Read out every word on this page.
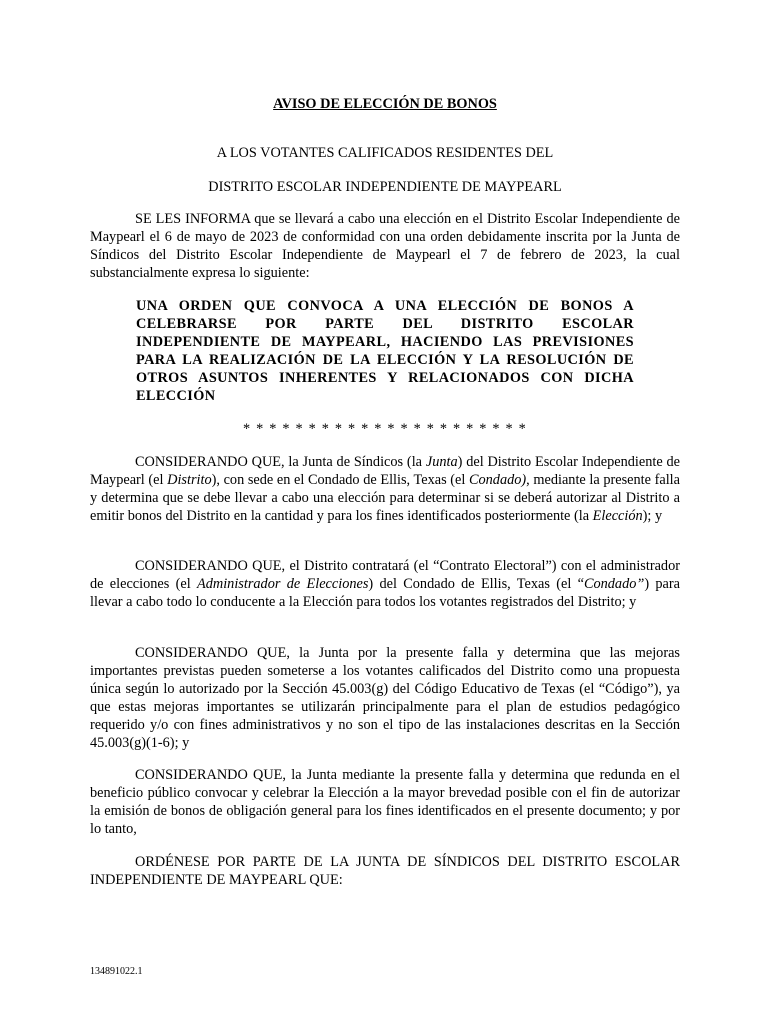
AVISO DE ELECCIÓN DE BONOS
A LOS VOTANTES CALIFICADOS RESIDENTES DEL
DISTRITO ESCOLAR INDEPENDIENTE DE MAYPEARL

SE LES INFORMA que se llevará a cabo una elección en el Distrito Escolar Independiente de Maypearl el 6 de mayo de 2023 de conformidad con una orden debidamente inscrita por la Junta de Síndicos del Distrito Escolar Independiente de Maypearl el 7 de febrero de 2023, la cual substancialmente expresa lo siguiente:

UNA ORDEN QUE CONVOCA A UNA ELECCIÓN DE BONOS A CELEBRARSE POR PARTE DEL DISTRITO ESCOLAR INDEPENDIENTE DE MAYPEARL, HACIENDO LAS PREVISIONES PARA LA REALIZACIÓN DE LA ELECCIÓN Y LA RESOLUCIÓN DE OTROS ASUNTOS INHERENTES Y RELACIONADOS CON DICHA ELECCIÓN
* * * * * * * * * * * * * * * * * * * * * *

CONSIDERANDO QUE, la Junta de Síndicos (la Junta) del Distrito Escolar Independiente de Maypearl (el Distrito), con sede en el Condado de Ellis, Texas (el Condado), mediante la presente falla y determina que se debe llevar a cabo una elección para determinar si se deberá autorizar al Distrito a emitir bonos del Distrito en la cantidad y para los fines identificados posteriormente (la Elección); y

CONSIDERANDO QUE, el Distrito contratará (el “Contrato Electoral”) con el administrador de elecciones (el Administrador de Elecciones) del Condado de Ellis, Texas (el “Condado”) para llevar a cabo todo lo conducente a la Elección para todos los votantes registrados del Distrito; y

CONSIDERANDO QUE, la Junta por la presente falla y determina que las mejoras importantes previstas pueden someterse a los votantes calificados del Distrito como una propuesta única según lo autorizado por la Sección 45.003(g) del Código Educativo de Texas (el “Código”), ya que estas mejoras importantes se utilizarán principalmente para el plan de estudios pedagógico requerido y/o con fines administrativos y no son el tipo de las instalaciones descritas en la Sección 45.003(g)(1-6); y

CONSIDERANDO QUE, la Junta mediante la presente falla y determina que redunda en el beneficio público convocar y celebrar la Elección a la mayor brevedad posible con el fin de autorizar la emisión de bonos de obligación general para los fines identificados en el presente documento; y por lo tanto,

ORDÉNESE POR PARTE DE LA JUNTA DE SÍNDICOS DEL DISTRITO ESCOLAR INDEPENDIENTE DE MAYPEARL QUE:

134891022.1
